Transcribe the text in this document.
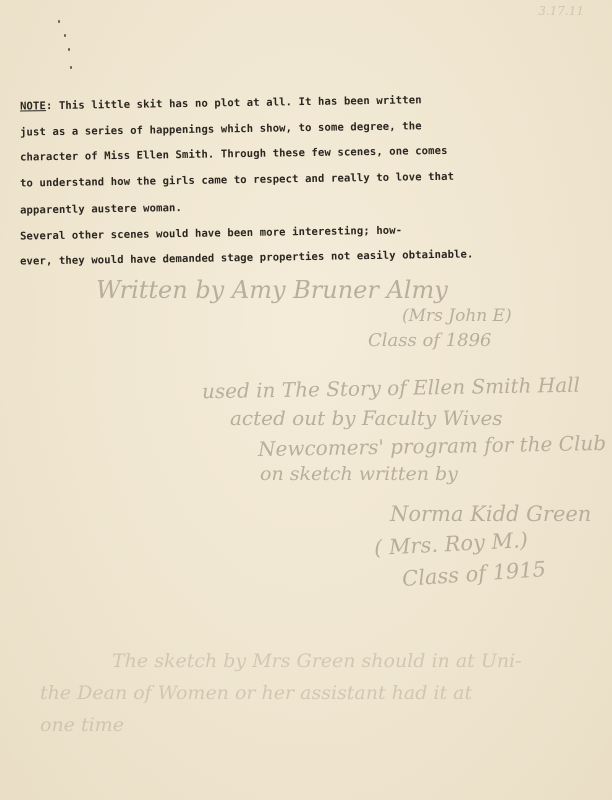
3.17.11
NOTE: This little skit has no plot at all. It has been written
just as a series of happenings which show, to some degree, the
character of Miss Ellen Smith. Through these few scenes, one comes
to understand how the girls came to respect and really to love that
apparently austere woman.
Several other scenes would have been more interesting; how-
ever, they would have demanded stage properties not easily obtainable.
Written by Amy Bruner Almy
(Mrs John E)
Class of 1896
used in The Story of Ellen Smith Hall
acted out by Faculty Wives
Newcomers' program for the Club
on sketch written by
Norma Kidd Green
( Mrs. Roy M.)
Class of 1915
The sketch by Mrs Green should in at Uni-
the Dean of Women or her assistant had it at
one time
